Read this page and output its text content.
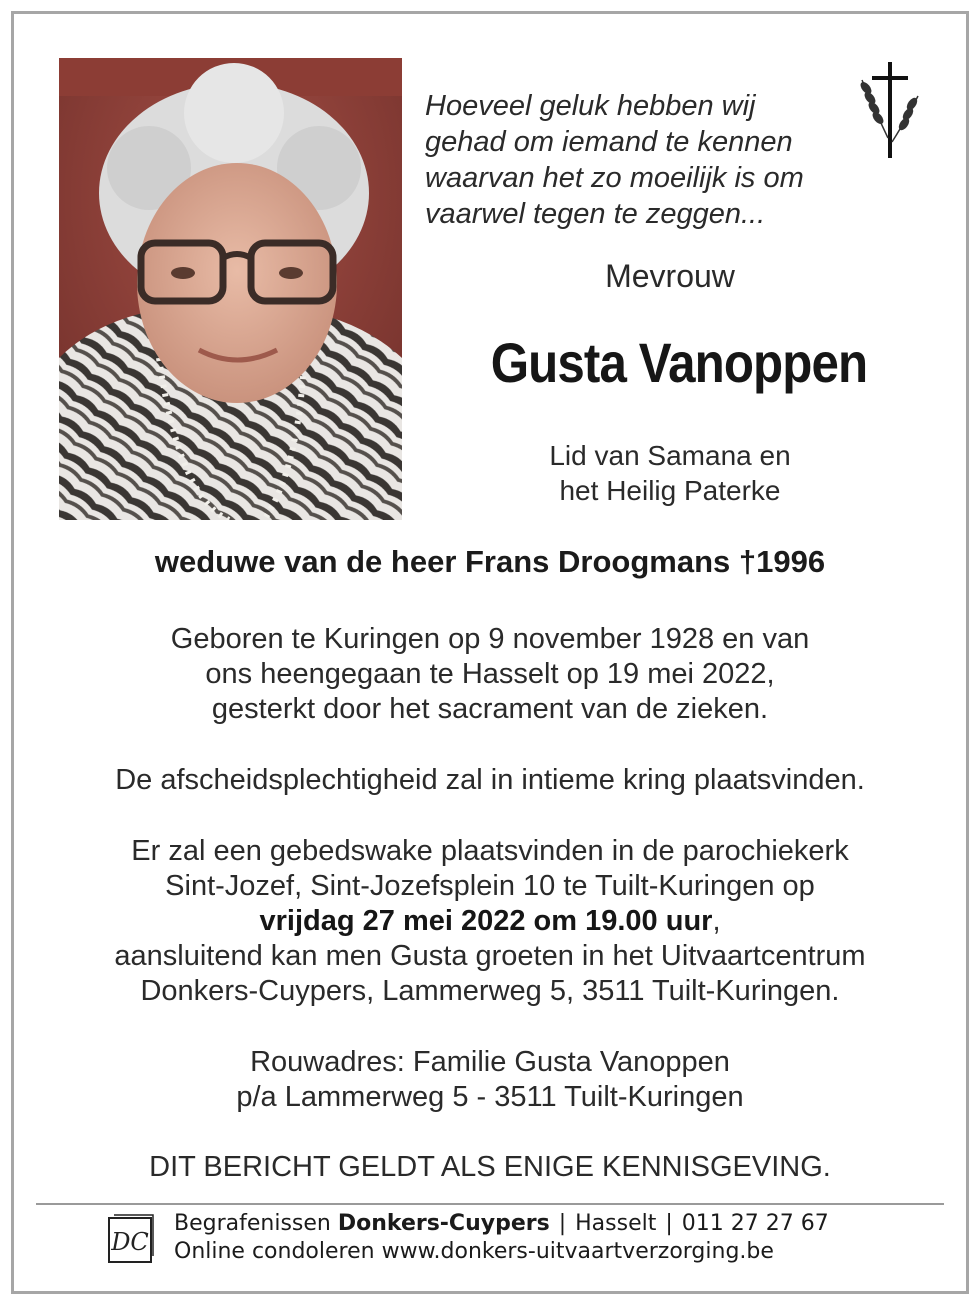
Hoeveel geluk hebben wij
gehad om iemand te kennen
waarvan het zo moeilijk is om
vaarwel tegen te zeggen...

Mevrouw
Gusta Vanoppen
Lid van Samana en
het Heilig Paterke
weduwe van de heer Frans Droogmans †1996
Geboren te Kuringen op 9 november 1928 en van
ons heengegaan te Hasselt op 19 mei 2022,
gesterkt door het sacrament van de zieken.
De afscheidsplechtigheid zal in intieme kring plaatsvinden.
Er zal een gebedswake plaatsvinden in de parochiekerk
Sint-Jozef, Sint-Jozefsplein 10 te Tuilt-Kuringen op
vrijdag 27 mei 2022 om 19.00 uur,
aansluitend kan men Gusta groeten in het Uitvaartcentrum
Donkers-Cuypers, Lammerweg 5, 3511 Tuilt-Kuringen.
Rouwadres: Familie Gusta Vanoppen
p/a Lammerweg 5 - 3511 Tuilt-Kuringen
DIT BERICHT GELDT ALS ENIGE KENNISGEVING.
DC
Begrafenissen Donkers-Cuypers | Hasselt | 011 27 27 67
Online condoleren www.donkers-uitvaartverzorging.be
